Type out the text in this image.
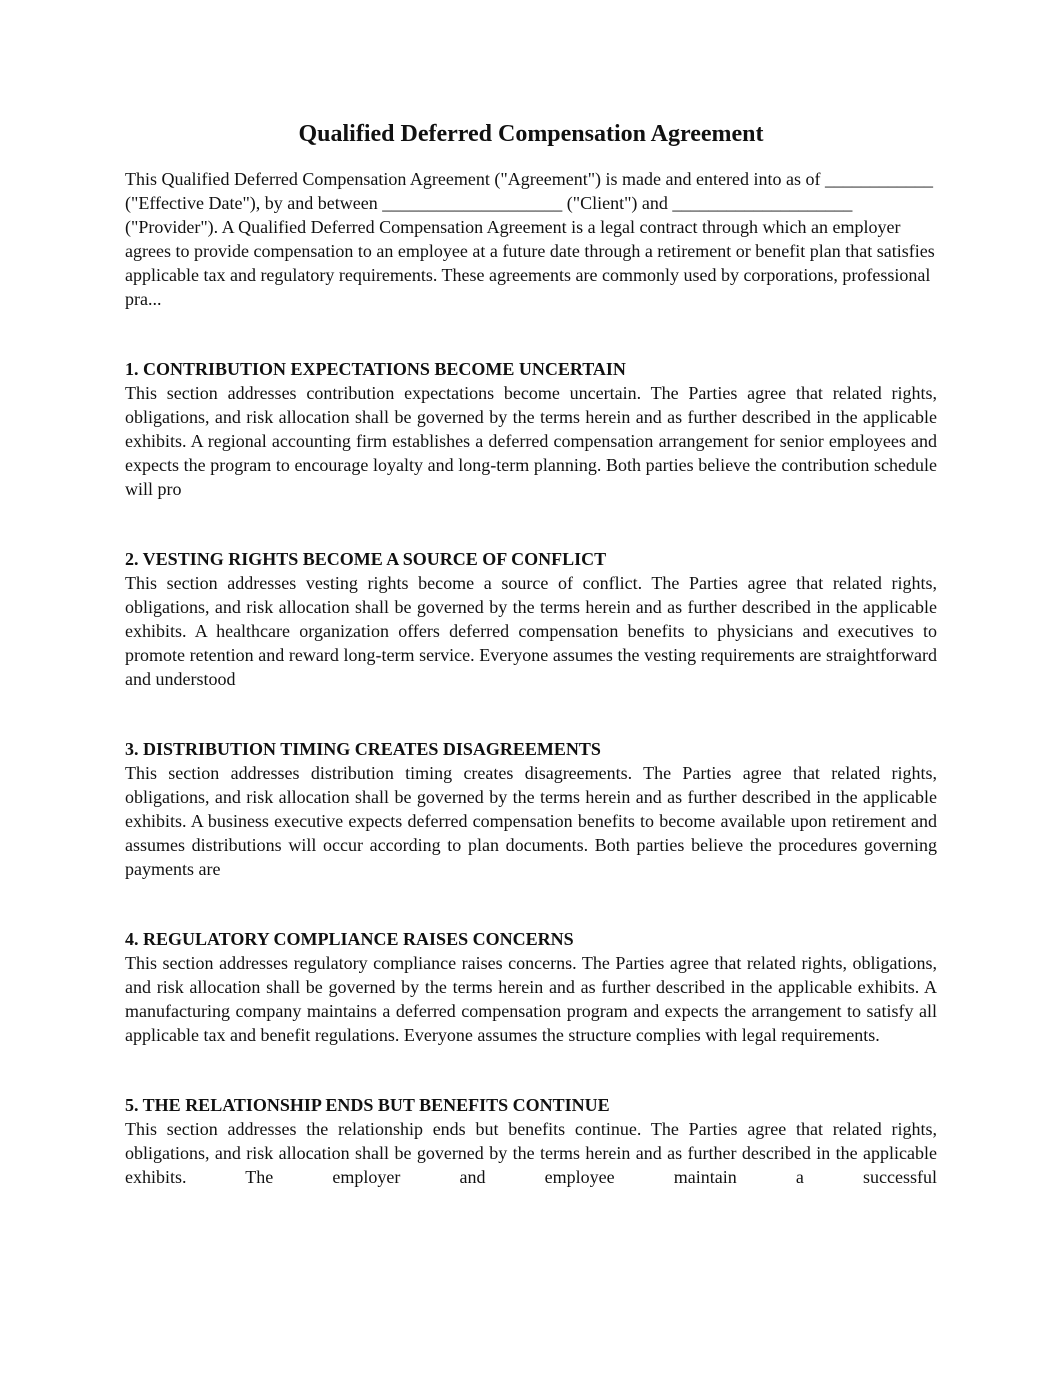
Qualified Deferred Compensation Agreement

This Qualified Deferred Compensation Agreement ("Agreement") is made and entered into as of ____________ ("Effective Date"), by and between ____________________ ("Client") and ____________________ ("Provider"). A Qualified Deferred Compensation Agreement is a legal contract through which an employer agrees to provide compensation to an employee at a future date through a retirement or benefit plan that satisfies applicable tax and regulatory requirements. These agreements are commonly used by corporations, professional pra...

1. CONTRIBUTION EXPECTATIONS BECOME UNCERTAIN

This section addresses contribution expectations become uncertain. The Parties agree that related rights, obligations, and risk allocation shall be governed by the terms herein and as further described in the applicable exhibits. A regional accounting firm establishes a deferred compensation arrangement for senior employees and expects the program to encourage loyalty and long-term planning. Both parties believe the contribution schedule will pro

2. VESTING RIGHTS BECOME A SOURCE OF CONFLICT

This section addresses vesting rights become a source of conflict. The Parties agree that related rights, obligations, and risk allocation shall be governed by the terms herein and as further described in the applicable exhibits. A healthcare organization offers deferred compensation benefits to physicians and executives to promote retention and reward long-term service. Everyone assumes the vesting requirements are straightforward and understood

3. DISTRIBUTION TIMING CREATES DISAGREEMENTS

This section addresses distribution timing creates disagreements. The Parties agree that related rights, obligations, and risk allocation shall be governed by the terms herein and as further described in the applicable exhibits. A business executive expects deferred compensation benefits to become available upon retirement and assumes distributions will occur according to plan documents. Both parties believe the procedures governing payments are

4. REGULATORY COMPLIANCE RAISES CONCERNS

This section addresses regulatory compliance raises concerns. The Parties agree that related rights, obligations, and risk allocation shall be governed by the terms herein and as further described in the applicable exhibits. A manufacturing company maintains a deferred compensation program and expects the arrangement to satisfy all applicable tax and benefit regulations. Everyone assumes the structure complies with legal requirements.

5. THE RELATIONSHIP ENDS BUT BENEFITS CONTINUE

This section addresses the relationship ends but benefits continue. The Parties agree that related rights, obligations, and risk allocation shall be governed by the terms herein and as further described in the applicable exhibits. The employer and employee maintain a successful
